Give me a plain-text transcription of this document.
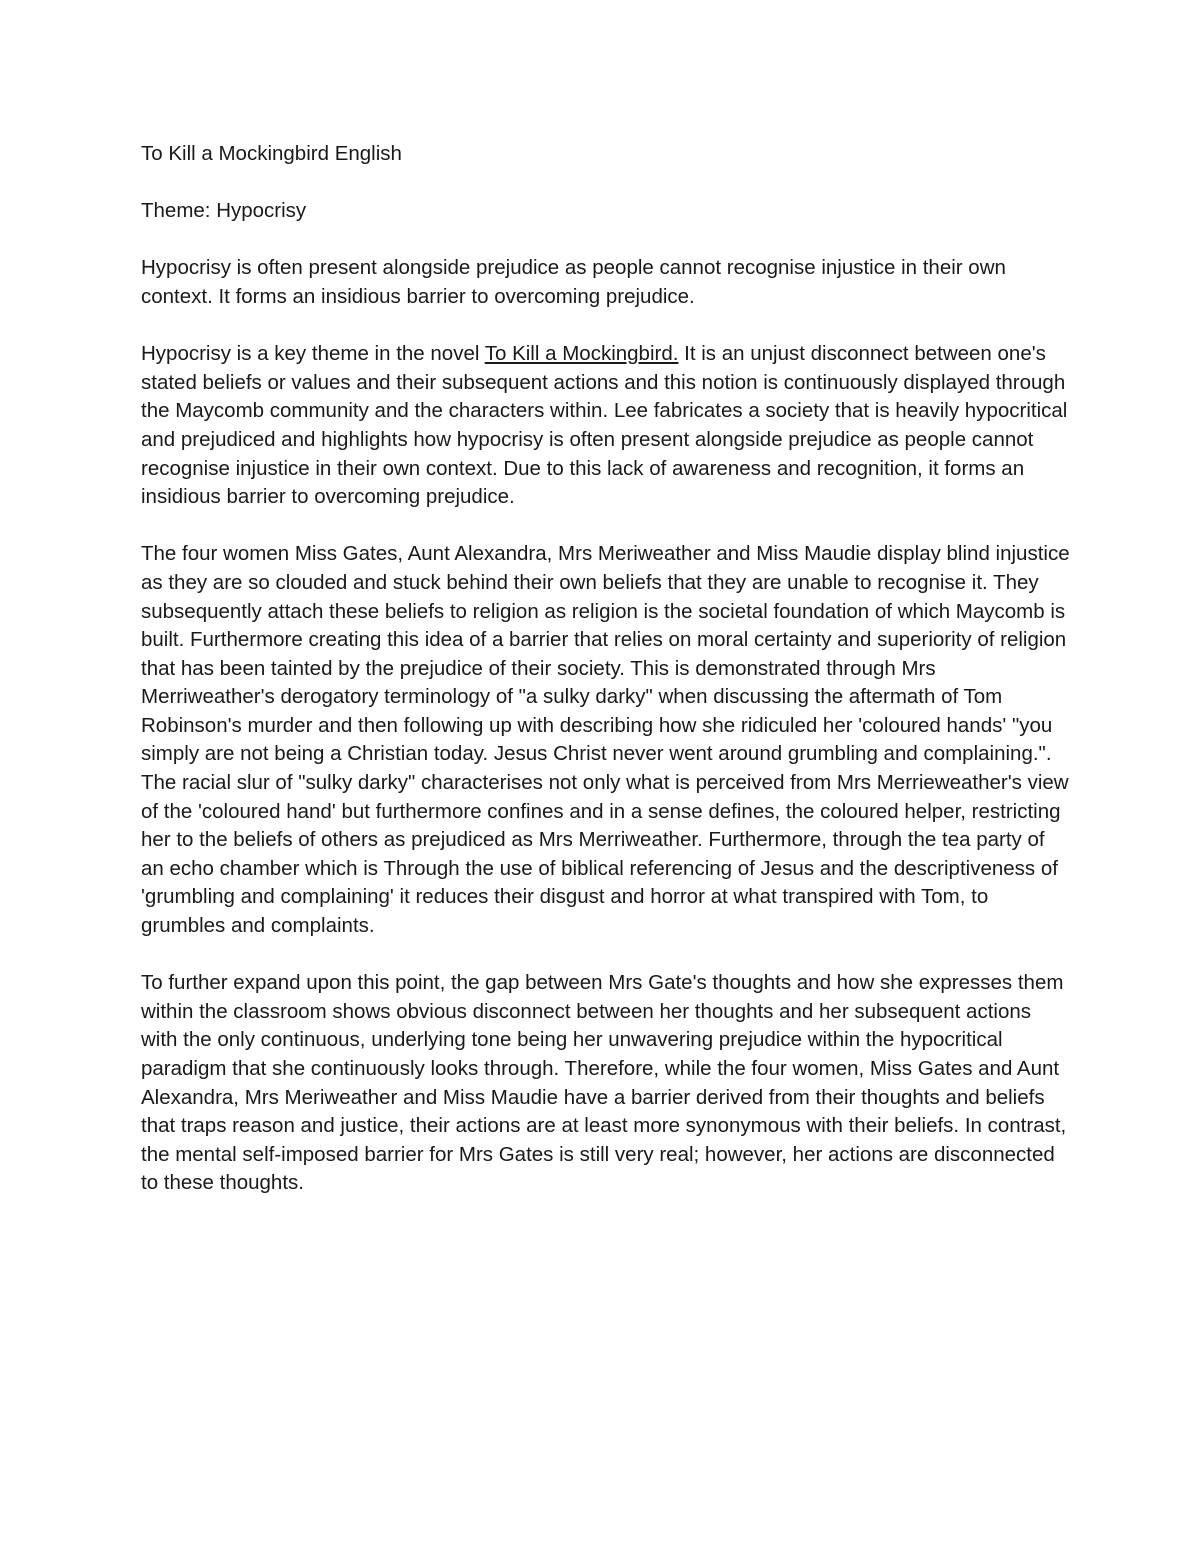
To Kill a Mockingbird English

Theme: Hypocrisy

Hypocrisy is often present alongside prejudice as people cannot recognise injustice in their own context. It forms an insidious barrier to overcoming prejudice.

Hypocrisy is a key theme in the novel To Kill a Mockingbird. It is an unjust disconnect between one's stated beliefs or values and their subsequent actions and this notion is continuously displayed through the Maycomb community and the characters within. Lee fabricates a society that is heavily hypocritical and prejudiced and highlights how hypocrisy is often present alongside prejudice as people cannot recognise injustice in their own context. Due to this lack of awareness and recognition, it forms an insidious barrier to overcoming prejudice.

The four women Miss Gates, Aunt Alexandra, Mrs Meriweather and Miss Maudie display blind injustice as they are so clouded and stuck behind their own beliefs that they are unable to recognise it. They subsequently attach these beliefs to religion as religion is the societal foundation of which Maycomb is built. Furthermore creating this idea of a barrier that relies on moral certainty and superiority of religion that has been tainted by the prejudice of their society. This is demonstrated through Mrs Merriweather's derogatory terminology of "a sulky darky" when discussing the aftermath of Tom Robinson's murder and then following up with describing how she ridiculed her 'coloured hands' "you simply are not being a Christian today. Jesus Christ never went around grumbling and complaining.". The racial slur of "sulky darky" characterises not only what is perceived from Mrs Merrieweather's view of the 'coloured hand' but furthermore confines and in a sense defines, the coloured helper, restricting her to the beliefs of others as prejudiced as Mrs Merriweather. Furthermore, through the tea party of an echo chamber which is Through the use of biblical referencing of Jesus and the descriptiveness of 'grumbling and complaining' it reduces their disgust and horror at what transpired with Tom, to grumbles and complaints.

To further expand upon this point, the gap between Mrs Gate's thoughts and how she expresses them within the classroom shows obvious disconnect between her thoughts and her subsequent actions with the only continuous, underlying tone being her unwavering prejudice within the hypocritical paradigm that she continuously looks through. Therefore, while the four women, Miss Gates and Aunt Alexandra, Mrs Meriweather and Miss Maudie have a barrier derived from their thoughts and beliefs that traps reason and justice, their actions are at least more synonymous with their beliefs. In contrast, the mental self-imposed barrier for Mrs Gates is still very real; however, her actions are disconnected to these thoughts.
